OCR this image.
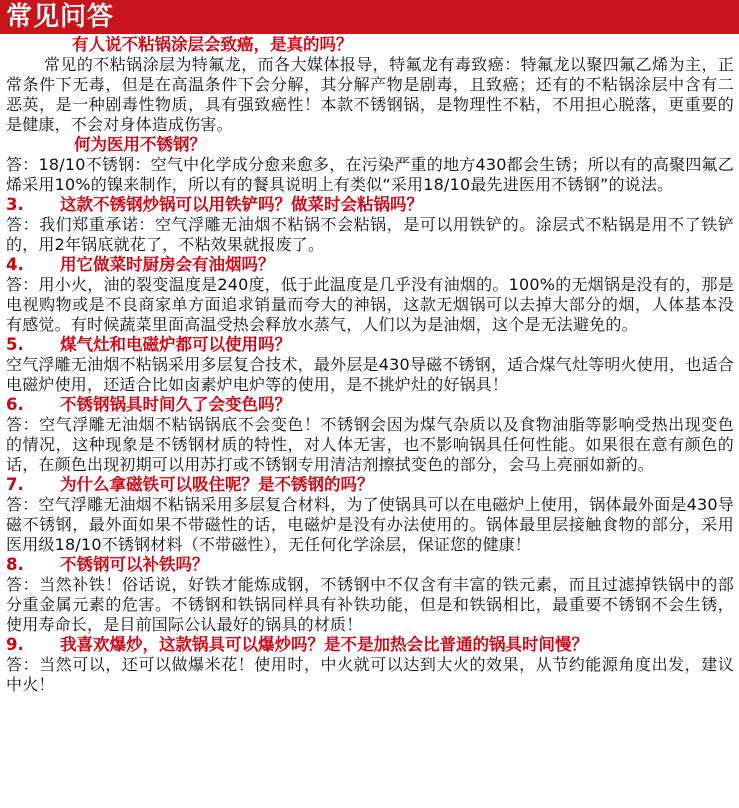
常见问答
有人说不粘锅涂层会致癌，是真的吗？
常见的不粘锅涂层为特氟龙，而各大媒体报导，特氟龙有毒致癌：特氟龙以聚四氟乙烯为主，正常条件下无毒，但是在高温条件下会分解，其分解产物是剧毒，且致癌；还有的不粘锅涂层中含有二恶英，是一种剧毒性物质，具有强致癌性！本款不锈钢锅，是物理性不粘，不用担心脱落，更重要的是健康，不会对身体造成伤害。
何为医用不锈钢？
答：18/10不锈钢：空气中化学成分愈来愈多，在污染严重的地方430都会生锈；所以有的高聚四氟乙烯采用10%的镍来制作，所以有的餐具说明上有类似“采用18/10最先进医用不锈钢”的说法。
3. 这款不锈钢炒锅可以用铁铲吗？做菜时会粘锅吗？
答：我们郑重承诺：空气浮雕无油烟不粘锅不会粘锅，是可以用铁铲的。涂层式不粘锅是用不了铁铲的，用2年锅底就花了，不粘效果就报废了。
4. 用它做菜时厨房会有油烟吗？
答：用小火，油的裂变温度是240度，低于此温度是几乎没有油烟的。100%的无烟锅是没有的，那是电视购物或是不良商家单方面追求销量而夸大的神锅，这款无烟锅可以去掉大部分的烟，人体基本没有感觉。有时候蔬菜里面高温受热会释放水蒸气，人们以为是油烟，这个是无法避免的。
5. 煤气灶和电磁炉都可以使用吗？
空气浮雕无油烟不粘锅采用多层复合技术，最外层是430导磁不锈钢，适合煤气灶等明火使用，也适合电磁炉使用，还适合比如卤素炉电炉等的使用，是不挑炉灶的好锅具！
6. 不锈钢锅具时间久了会变色吗？
答：空气浮雕无油烟不粘锅锅底不会变色！不锈钢会因为煤气杂质以及食物油脂等影响受热出现变色的情况，这种现象是不锈钢材质的特性，对人体无害，也不影响锅具任何性能。如果很在意有颜色的话，在颜色出现初期可以用苏打或不锈钢专用清洁剂擦拭变色的部分，会马上亮丽如新的。
7. 为什么拿磁铁可以吸住呢？是不锈钢的吗？
答：空气浮雕无油烟不粘锅采用多层复合材料，为了使锅具可以在电磁炉上使用，锅体最外面是430导磁不锈钢，最外面如果不带磁性的话，电磁炉是没有办法使用的。锅体最里层接触食物的部分，采用医用级18/10不锈钢材料（不带磁性），无任何化学涂层，保证您的健康！
8. 不锈钢可以补铁吗？
答：当然补铁！俗话说，好铁才能炼成钢，不锈钢中不仅含有丰富的铁元素，而且过滤掉铁锅中的部分重金属元素的危害。不锈钢和铁锅同样具有补铁功能，但是和铁锅相比，最重要不锈钢不会生锈，使用寿命长，是目前国际公认最好的锅具的材质！
9. 我喜欢爆炒，这款锅具可以爆炒吗？是不是加热会比普通的锅具时间慢？
答：当然可以，还可以做爆米花！使用时，中火就可以达到大火的效果，从节约能源角度出发，建议中火！
